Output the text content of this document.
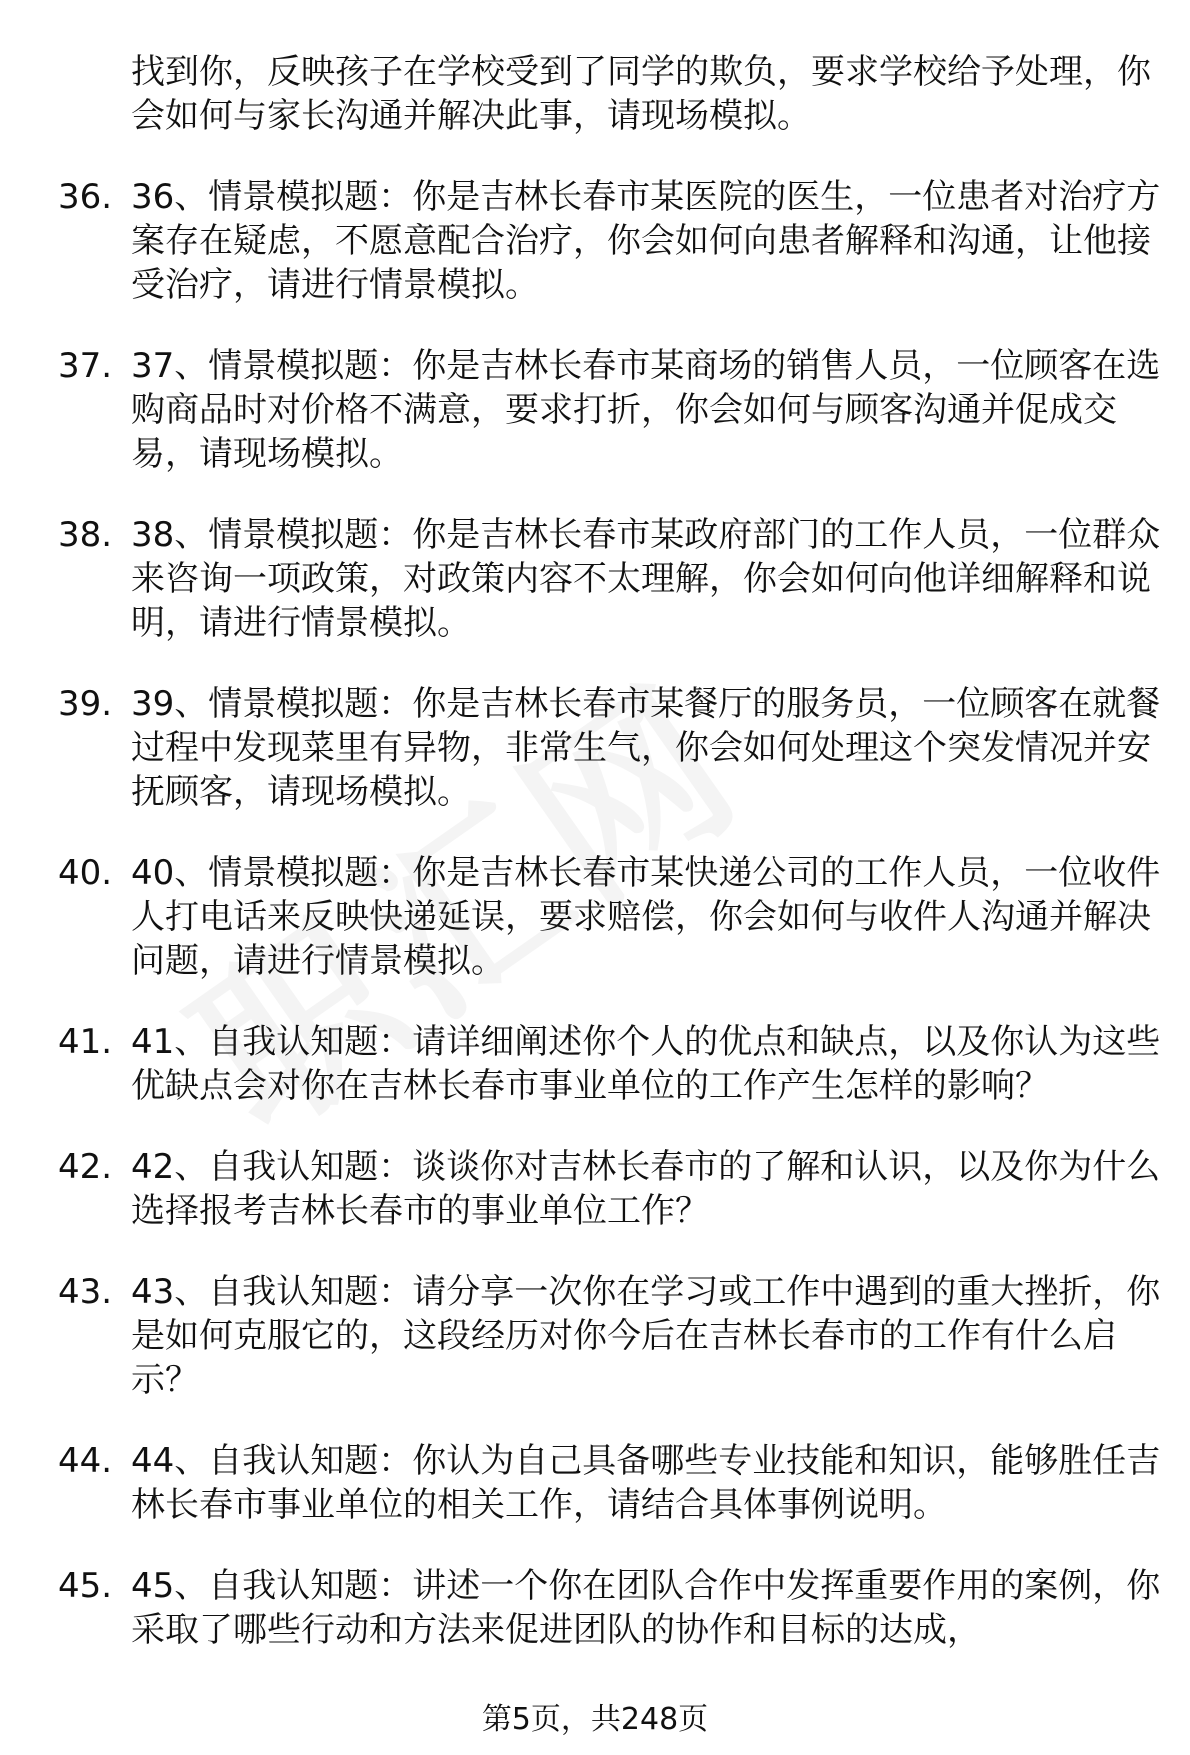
找到你，反映孩子在学校受到了同学的欺负，要求学校给予处理，你会如何与家长沟通并解决此事，请现场模拟。
36. 36、情景模拟题：你是吉林长春市某医院的医生，一位患者对治疗方案存在疑虑，不愿意配合治疗，你会如何向患者解释和沟通，让他接受治疗，请进行情景模拟。
37. 37、情景模拟题：你是吉林长春市某商场的销售人员，一位顾客在选购商品时对价格不满意，要求打折，你会如何与顾客沟通并促成交易，请现场模拟。
38. 38、情景模拟题：你是吉林长春市某政府部门的工作人员，一位群众来咨询一项政策，对政策内容不太理解，你会如何向他详细解释和说明，请进行情景模拟。
39. 39、情景模拟题：你是吉林长春市某餐厅的服务员，一位顾客在就餐过程中发现菜里有异物，非常生气，你会如何处理这个突发情况并安抚顾客，请现场模拟。
40. 40、情景模拟题：你是吉林长春市某快递公司的工作人员，一位收件人打电话来反映快递延误，要求赔偿，你会如何与收件人沟通并解决问题，请进行情景模拟。
41. 41、自我认知题：请详细阐述你个人的优点和缺点，以及你认为这些优缺点会对你在吉林长春市事业单位的工作产生怎样的影响？
42. 42、自我认知题：谈谈你对吉林长春市的了解和认识，以及你为什么选择报考吉林长春市的事业单位工作？
43. 43、自我认知题：请分享一次你在学习或工作中遇到的重大挫折，你是如何克服它的，这段经历对你今后在吉林长春市的工作有什么启示？
44. 44、自我认知题：你认为自己具备哪些专业技能和知识，能够胜任吉林长春市事业单位的相关工作，请结合具体事例说明。
45. 45、自我认知题：讲述一个你在团队合作中发挥重要作用的案例，你采取了哪些行动和方法来促进团队的协作和目标的达成，
第5页，共248页
